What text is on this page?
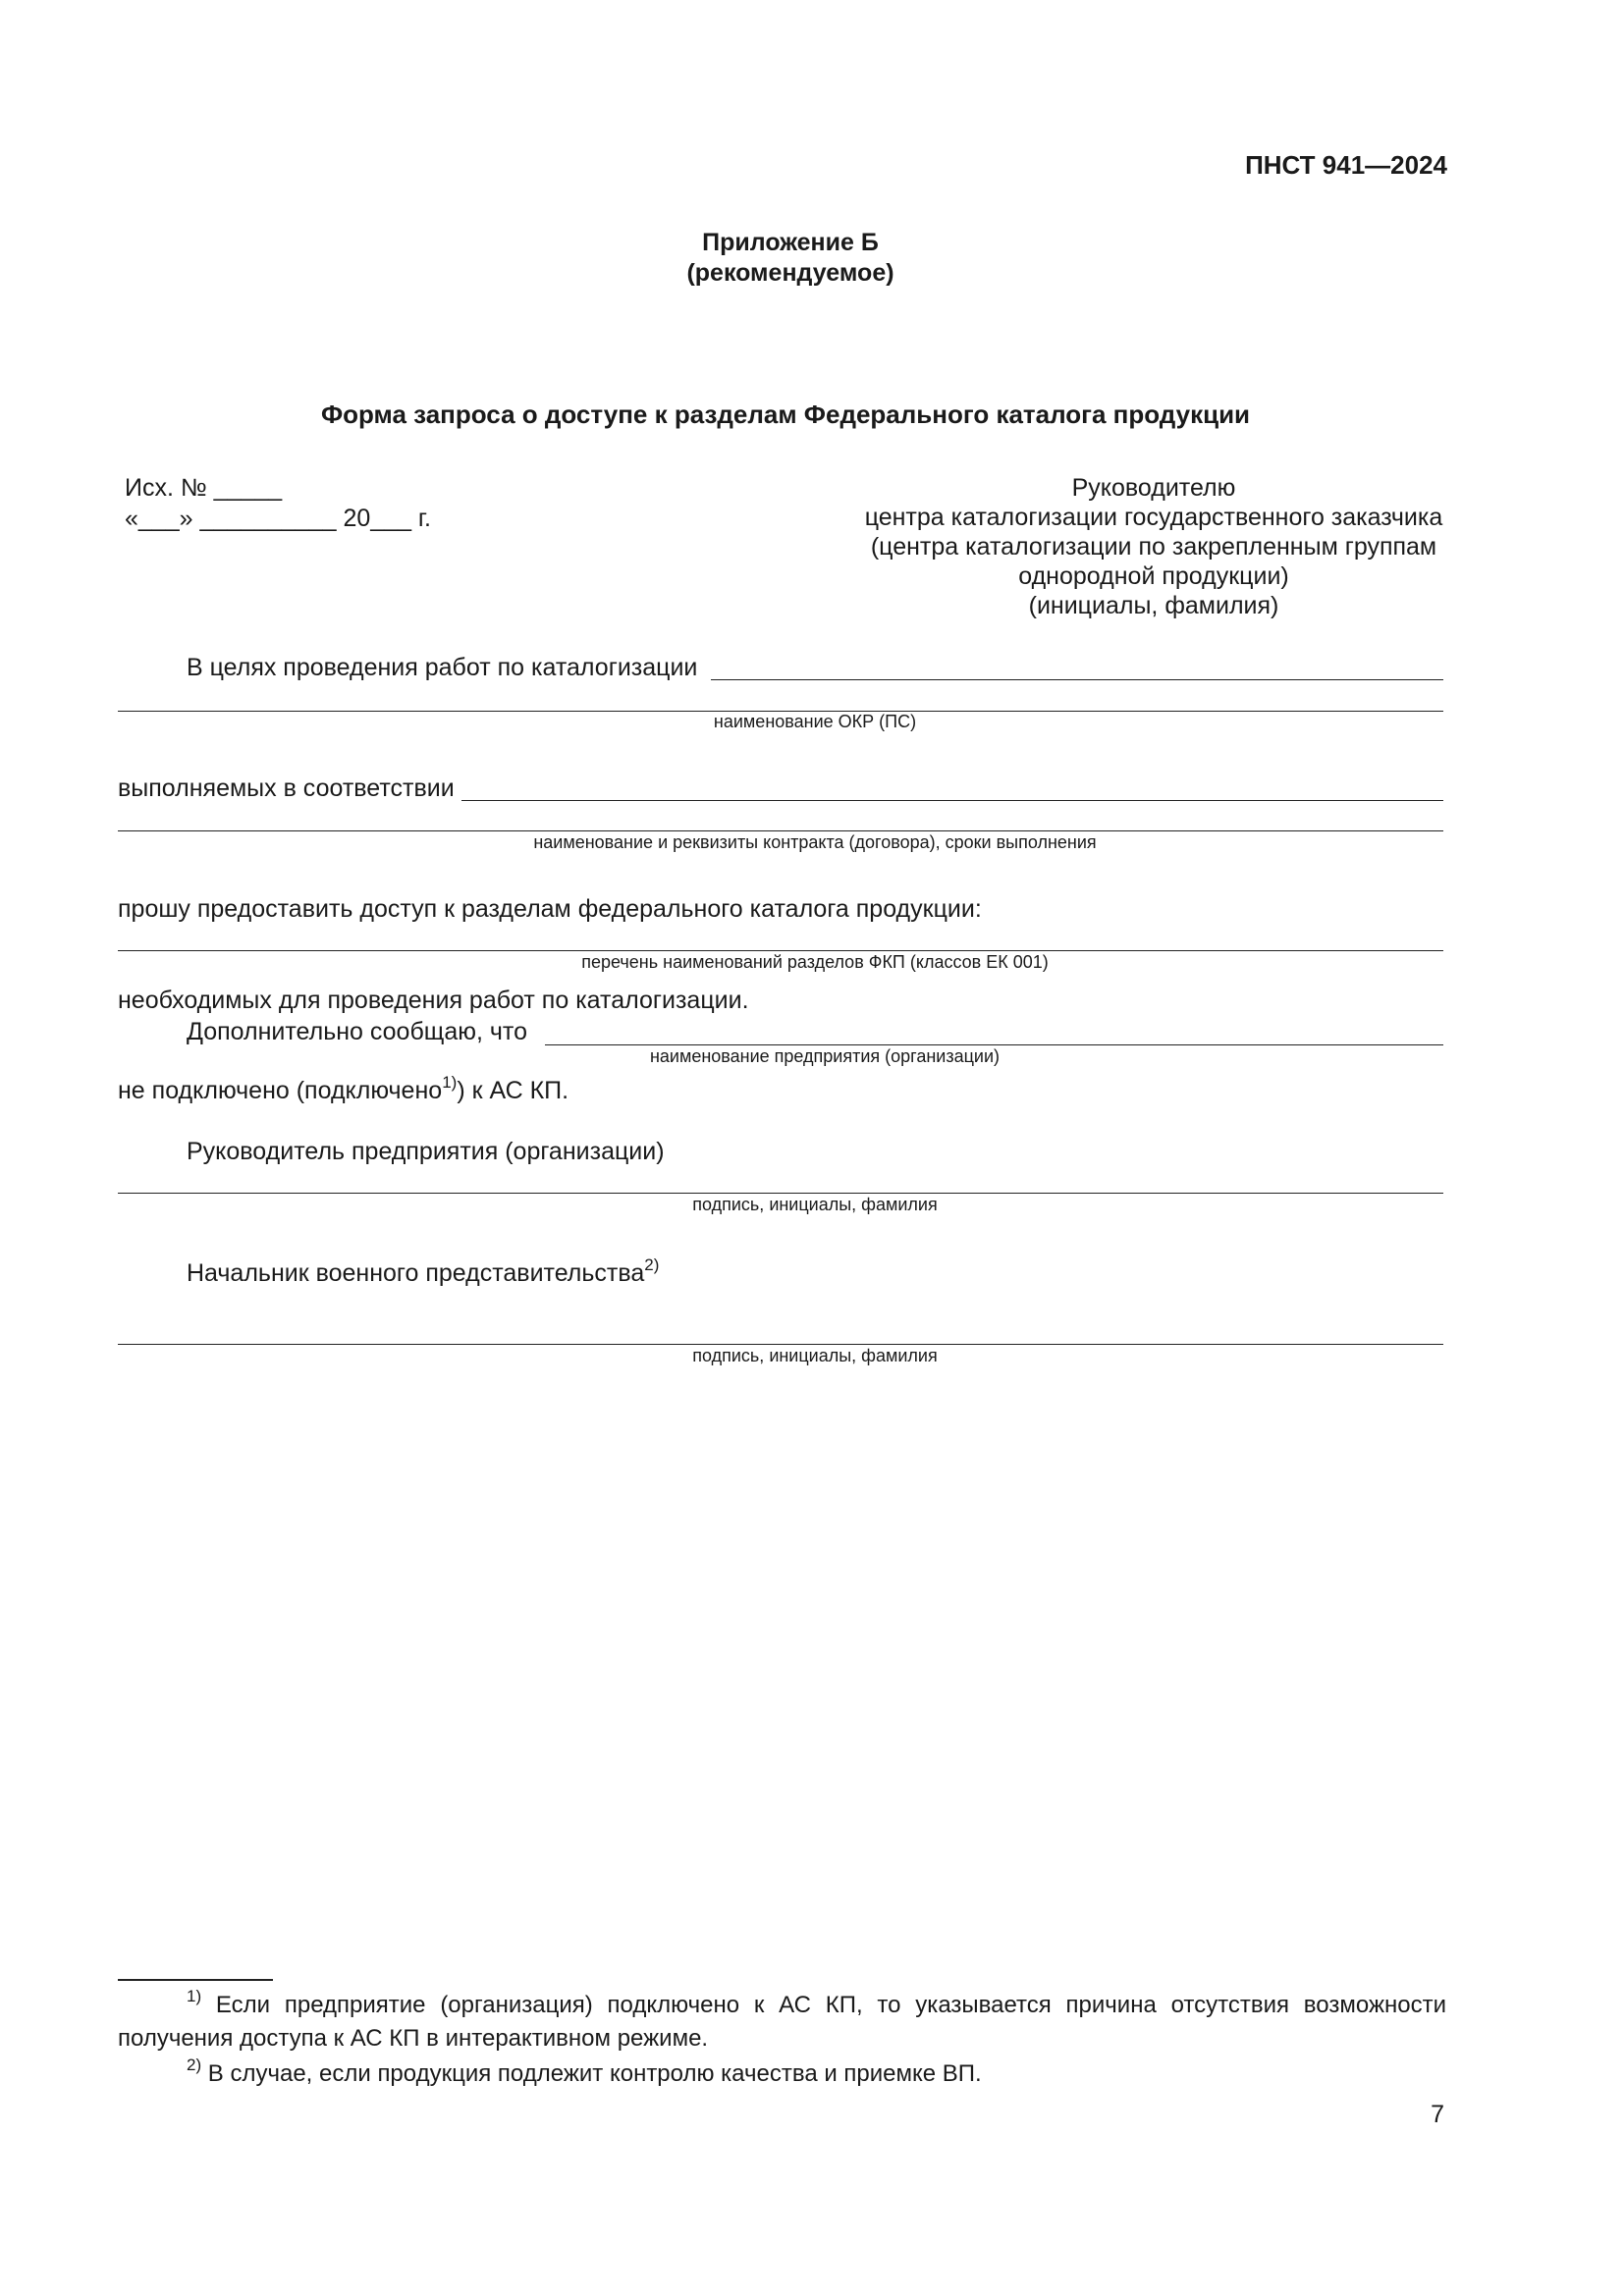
ПНСТ 941—2024
Приложение Б
(рекомендуемое)
Форма запроса о доступе к разделам Федерального каталога продукции
Исх. № _____
«___» __________ 20___ г.
Руководителю
центра каталогизации государственного заказчика
(центра каталогизации по закрепленным группам
однородной продукции)
(инициалы, фамилия)
В целях проведения работ по каталогизации
наименование ОКР (ПС)
выполняемых в соответствии
наименование и реквизиты контракта (договора), сроки выполнения
прошу предоставить доступ к разделам федерального каталога продукции:
перечень наименований разделов ФКП (классов ЕК 001)
необходимых для проведения работ по каталогизации.
Дополнительно сообщаю, что
наименование предприятия (организации)
не подключено (подключено$^{1)}$) к АС КП.
Руководитель предприятия (организации)
подпись, инициалы, фамилия
Начальник военного представительства$^{2)}$
подпись, инициалы, фамилия
$^{1)}$ Если предприятие (организация) подключено к АС КП, то указывается причина отсутствия возможности получения доступа к АС КП в интерактивном режиме.
$^{2)}$ В случае, если продукция подлежит контролю качества и приемке ВП.
7
